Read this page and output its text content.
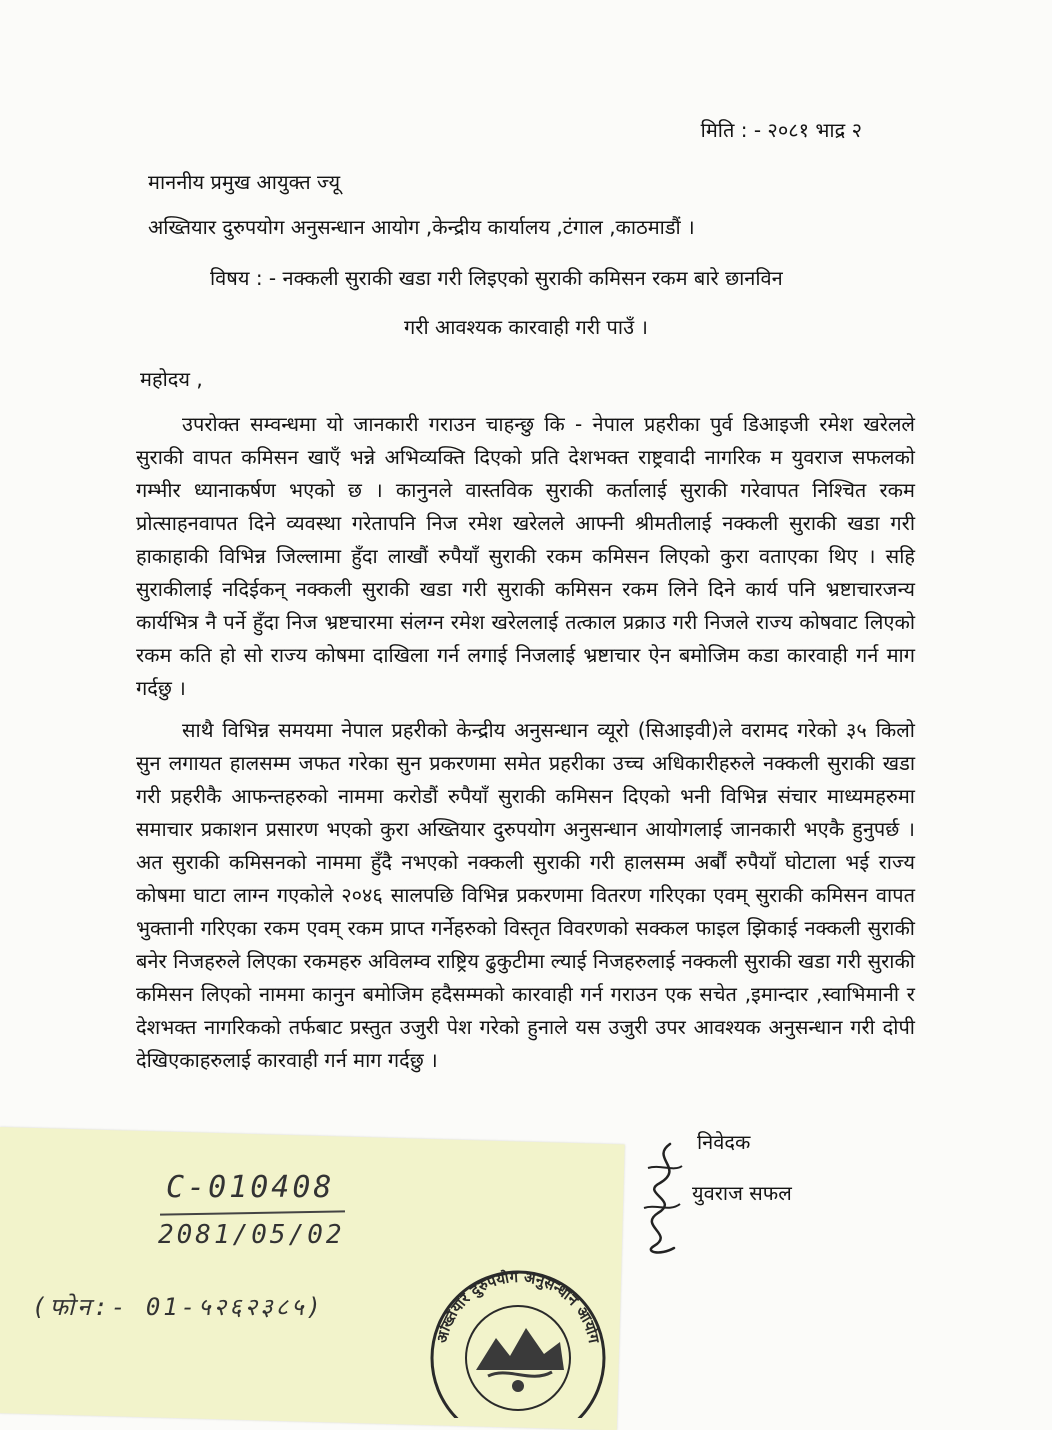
मिति : - २०८१ भाद्र २
माननीय प्रमुख आयुक्त ज्यू
अख्तियार दुरुपयोग अनुसन्धान आयोग ,केन्द्रीय कार्यालय ,टंगाल ,काठमाडौं ।
विषय : - नक्कली सुराकी खडा गरी लिइएको सुराकी कमिसन रकम बारे छानविन
गरी आवश्यक कारवाही गरी पाउँ ।
महोदय ,
उपरोक्त सम्वन्धमा यो जानकारी गराउन चाहन्छु कि - नेपाल प्रहरीका पुर्व डिआइजी रमेश खरेलले सुराकी वापत कमिसन खाएँ भन्ने अभिव्यक्ति दिएको प्रति देशभक्त राष्ट्रवादी नागरिक म युवराज सफलको गम्भीर ध्यानाकर्षण भएको छ । कानुनले वास्तविक सुराकी कर्तालाई सुराकी गरेवापत निश्चित रकम प्रोत्साहनवापत दिने व्यवस्था गरेतापनि निज रमेश खरेलले आफ्नी श्रीमतीलाई नक्कली सुराकी खडा गरी हाकाहाकी विभिन्न जिल्लामा हुँदा लाखौं रुपैयाँ सुराकी रकम कमिसन लिएको कुरा वताएका थिए । सहि सुराकीलाई नदिईकन् नक्कली सुराकी खडा गरी सुराकी कमिसन रकम लिने दिने कार्य पनि भ्रष्टाचारजन्य कार्यभित्र नै पर्ने हुँदा निज भ्रष्टचारमा संलग्न रमेश खरेललाई तत्काल प्रक्राउ गरी निजले राज्य कोषवाट लिएको रकम कति हो सो राज्य कोषमा दाखिला गर्न लगाई निजलाई भ्रष्टाचार ऐन बमोजिम कडा कारवाही गर्न माग गर्दछु ।
साथै विभिन्न समयमा नेपाल प्रहरीको केन्द्रीय अनुसन्धान व्यूरो (सिआइवी)ले वरामद गरेको ३५ किलो सुन लगायत हालसम्म जफत गरेका सुन प्रकरणमा समेत प्रहरीका उच्च अधिकारीहरुले नक्कली सुराकी खडा गरी प्रहरीकै आफन्तहरुको नाममा करोडौं रुपैयाँ सुराकी कमिसन दिएको भनी विभिन्न संचार माध्यमहरुमा समाचार प्रकाशन प्रसारण भएको कुरा अख्तियार दुरुपयोग अनुसन्धान आयोगलाई जानकारी भएकै हुनुपर्छ । अत सुराकी कमिसनको नाममा हुँदै नभएको नक्कली सुराकी गरी हालसम्म अर्बौं रुपैयाँ घोटाला भई राज्य कोषमा घाटा लाग्न गएकोले २०४६ सालपछि विभिन्न प्रकरणमा वितरण गरिएका एवम् सुराकी कमिसन वापत भुक्तानी गरिएका रकम एवम् रकम प्राप्त गर्नेहरुको विस्तृत विवरणको सक्कल फाइल झिकाई नक्कली सुराकी बनेर निजहरुले लिएका रकमहरु अविलम्व राष्ट्रिय ढुकुटीमा ल्याई निजहरुलाई नक्कली सुराकी खडा गरी सुराकी कमिसन लिएको नाममा कानुन बमोजिम हदैसम्मको कारवाही गर्न गराउन एक सचेत ,इमान्दार ,स्वाभिमानी र देशभक्त नागरिकको तर्फबाट प्रस्तुत उजुरी पेश गरेको हुनाले यस उजुरी उपर आवश्यक अनुसन्धान गरी दोपी देखिएकाहरुलाई कारवाही गर्न माग गर्दछु ।
निवेदक
युवराज सफल
C-010408
2081/05/02
(फोन:- 01-५२६२३८५)
अख्तियार दुरुपयोग अनुसन्धान आयोग
